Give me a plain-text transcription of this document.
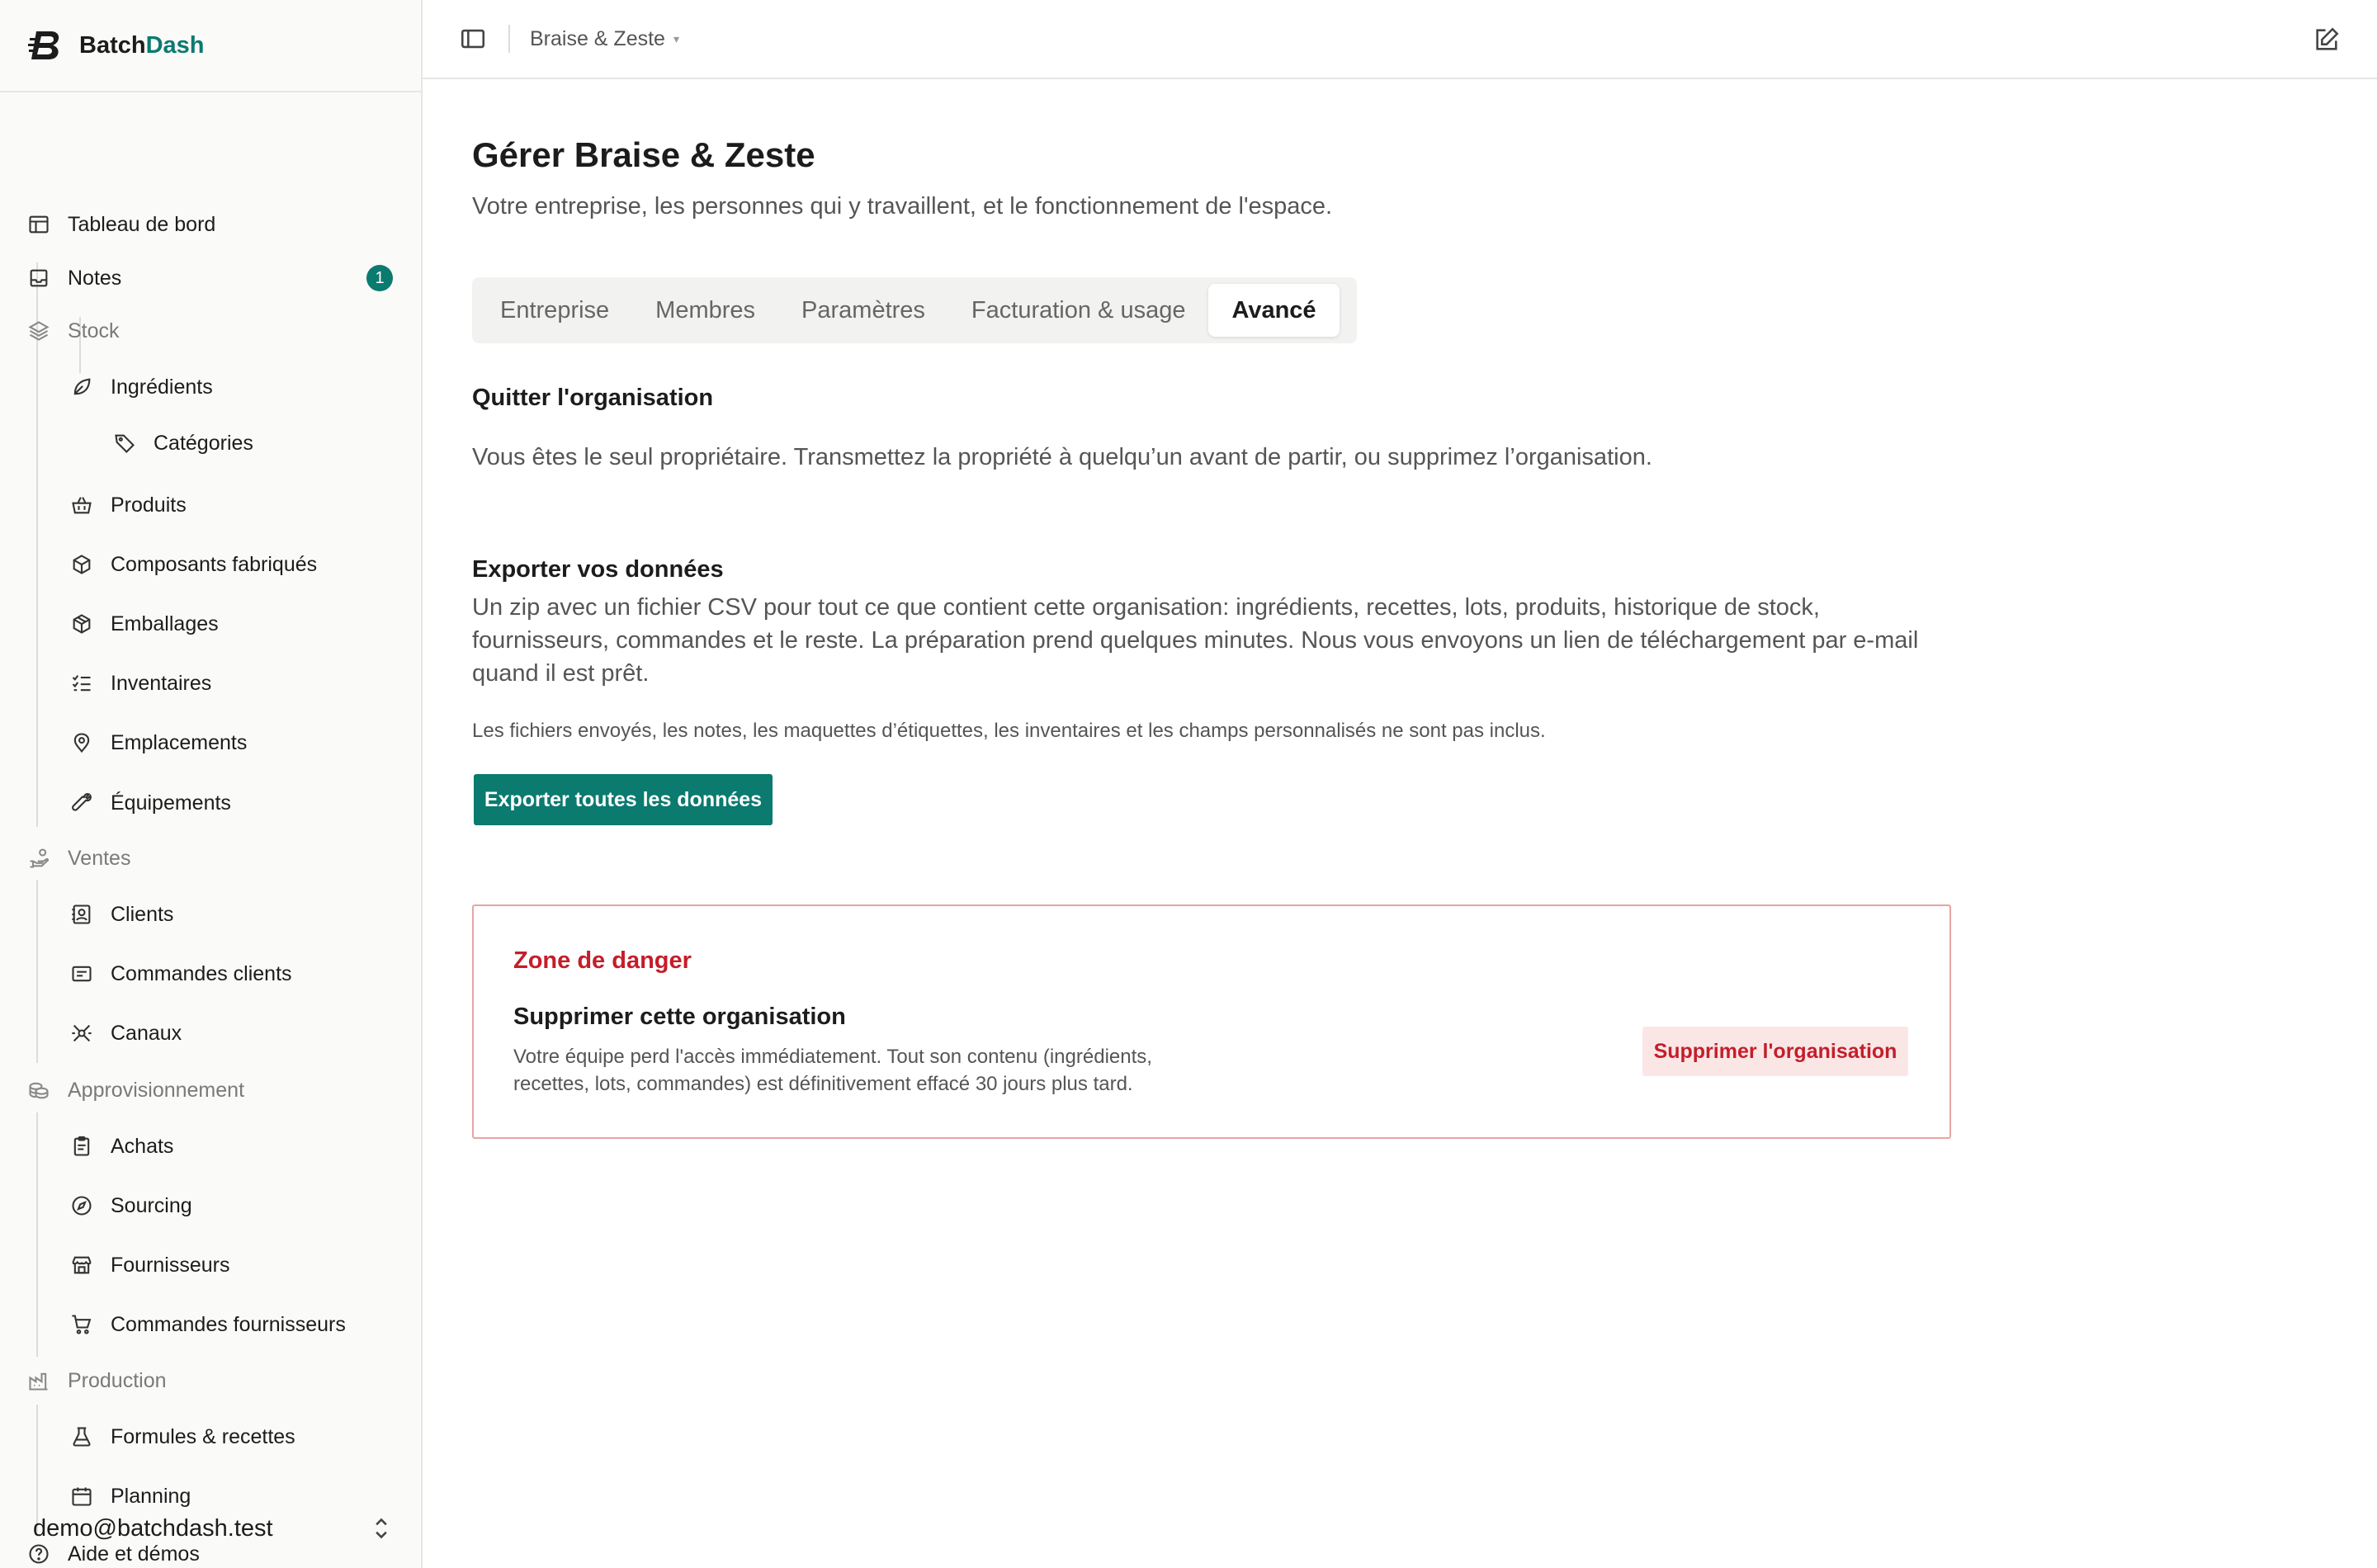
BatchDash
Tableau de bord
Notes	1
Stock
Ingrédients
Catégories
Produits
Composants fabriqués
Emballages
Inventaires
Emplacements
Équipements
Ventes
Clients
Commandes clients
Canaux
Approvisionnement
Achats
Sourcing
Fournisseurs
Commandes fournisseurs
Production
Formules & recettes
Planning
Aide et démos
demo@batchdash.test
Braise & Zeste ▾
Gérer Braise & Zeste

Votre entreprise, les personnes qui y travaillent, et le fonctionnement de l'espace.

Entreprise	Membres	Paramètres	Facturation & usage	Avancé
Quitter l'organisation

Vous êtes le seul propriétaire. Transmettez la propriété à quelqu’un avant de partir, ou supprimez l’organisation.

Exporter vos données

Un zip avec un fichier CSV pour tout ce que contient cette organisation: ingrédients, recettes, lots, produits, historique de stock, fournisseurs, commandes et le reste. La préparation prend quelques minutes. Nous vous envoyons un lien de téléchargement par e-mail quand il est prêt.

Les fichiers envoyés, les notes, les maquettes d’étiquettes, les inventaires et les champs personnalisés ne sont pas inclus.

Exporter toutes les données
Zone de danger
Supprimer cette organisation
Votre équipe perd l'accès immédiatement. Tout son contenu (ingrédients, recettes, lots, commandes) est définitivement effacé 30 jours plus tard.
Supprimer l'organisation
